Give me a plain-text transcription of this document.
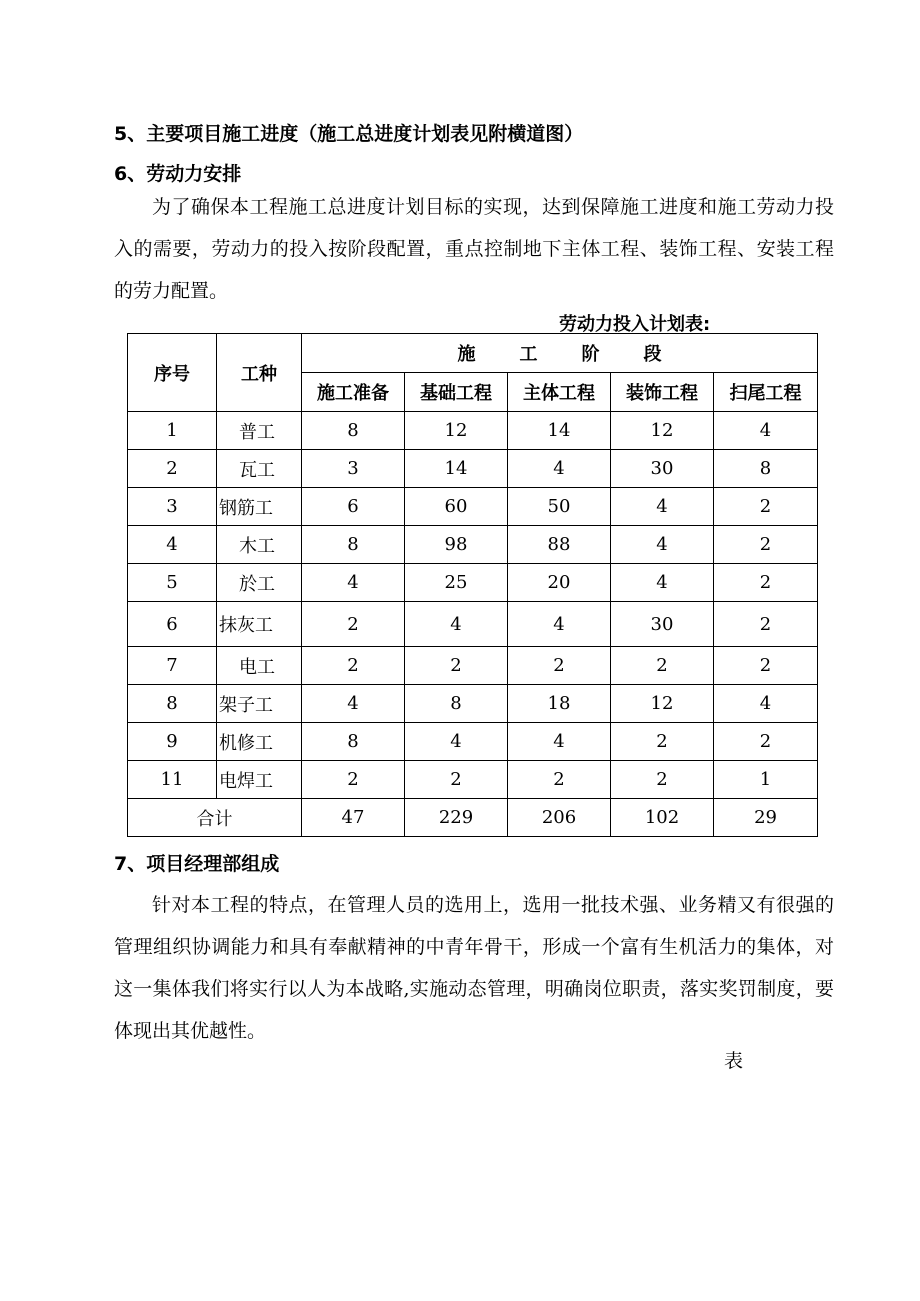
5、主要项目施工进度（施工总进度计划表见附横道图）
6、劳动力安排
为了确保本工程施工总进度计划目标的实现，达到保障施工进度和施工劳动力投入的需要，劳动力的投入按阶段配置，重点控制地下主体工程、装饰工程、安装工程的劳力配置。
劳动力投入计划表:
序号	工种	施工阶段				
		施工准备	基础工程	主体工程	装饰工程	扫尾工程
1	普工	8	12	14	12	4
2	瓦工	3	14	4	30	8
3	钢筋工	6	60	50	4	2
4	木工	8	98	88	4	2
5	於工	4	25	20	4	2
6	抹灰工	2	4	4	30	2
7	电工	2	2	2	2	2
8	架子工	4	8	18	12	4
9	机修工	8	4	4	2	2
11	电焊工	2	2	2	2	1
合计		47	229	206	102	29
7、项目经理部组成
针对本工程的特点，在管理人员的选用上，选用一批技术强、业务精又有很强的管理组织协调能力和具有奉献精神的中青年骨干，形成一个富有生机活力的集体，对这一集体我们将实行以人为本战略,实施动态管理，明确岗位职责，落实奖罚制度，要体现出其优越性。
表
